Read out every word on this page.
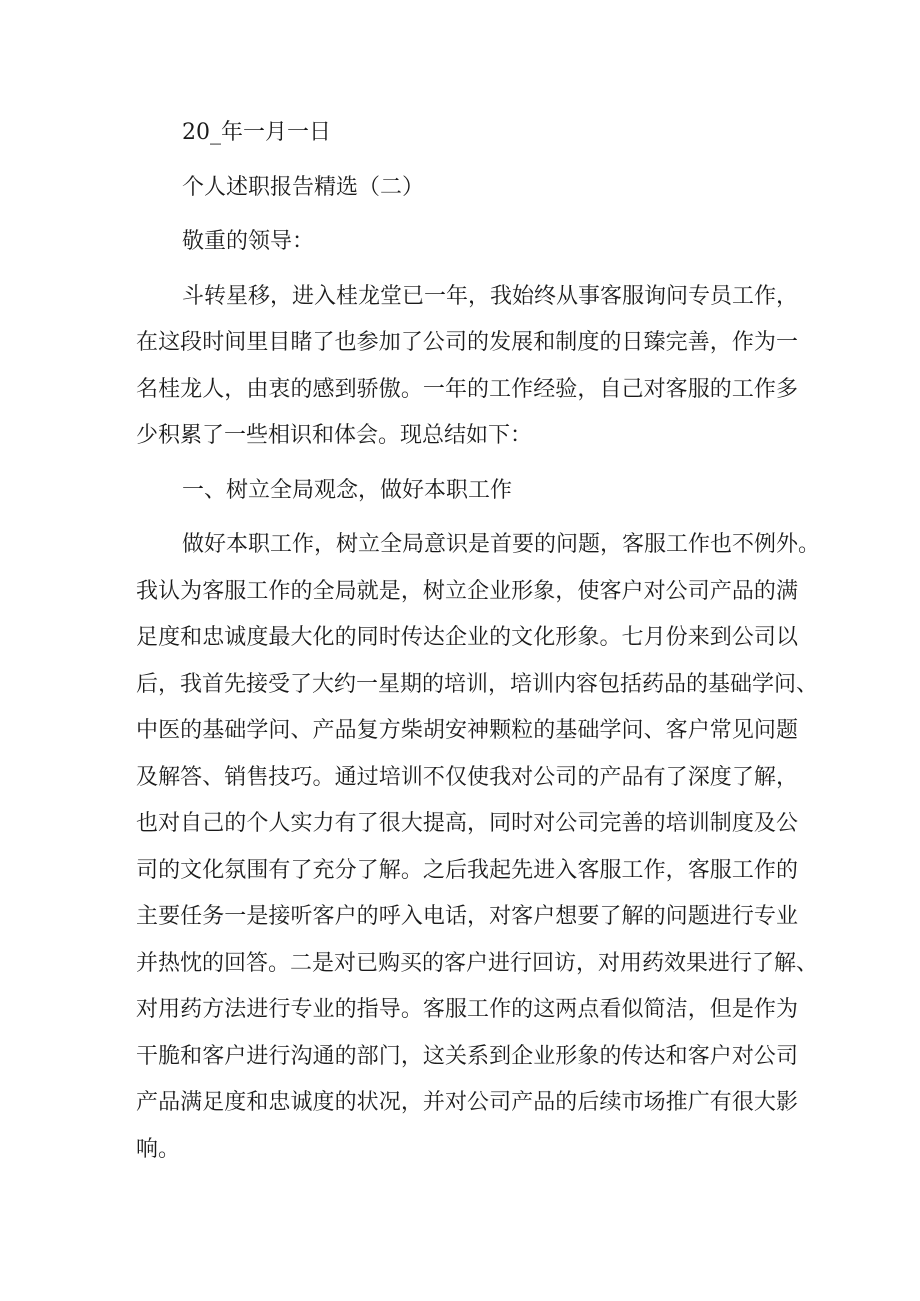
20_年一月一日
个人述职报告精选（二）
敬重的领导：
斗转星移，进入桂龙堂已一年，我始终从事客服询问专员工作，
在这段时间里目睹了也参加了公司的发展和制度的日臻完善，作为一
名桂龙人，由衷的感到骄傲。一年的工作经验，自己对客服的工作多
少积累了一些相识和体会。现总结如下：
一、树立全局观念，做好本职工作
做好本职工作，树立全局意识是首要的问题，客服工作也不例外。
我认为客服工作的全局就是，树立企业形象，使客户对公司产品的满
足度和忠诚度最大化的同时传达企业的文化形象。七月份来到公司以
后，我首先接受了大约一星期的培训，培训内容包括药品的基础学问、
中医的基础学问、产品复方柴胡安神颗粒的基础学问、客户常见问题
及解答、销售技巧。通过培训不仅使我对公司的产品有了深度了解，
也对自己的个人实力有了很大提高，同时对公司完善的培训制度及公
司的文化氛围有了充分了解。之后我起先进入客服工作，客服工作的
主要任务一是接听客户的呼入电话，对客户想要了解的问题进行专业
并热忱的回答。二是对已购买的客户进行回访，对用药效果进行了解、
对用药方法进行专业的指导。客服工作的这两点看似简洁，但是作为
干脆和客户进行沟通的部门，这关系到企业形象的传达和客户对公司
产品满足度和忠诚度的状况，并对公司产品的后续市场推广有很大影
响。
